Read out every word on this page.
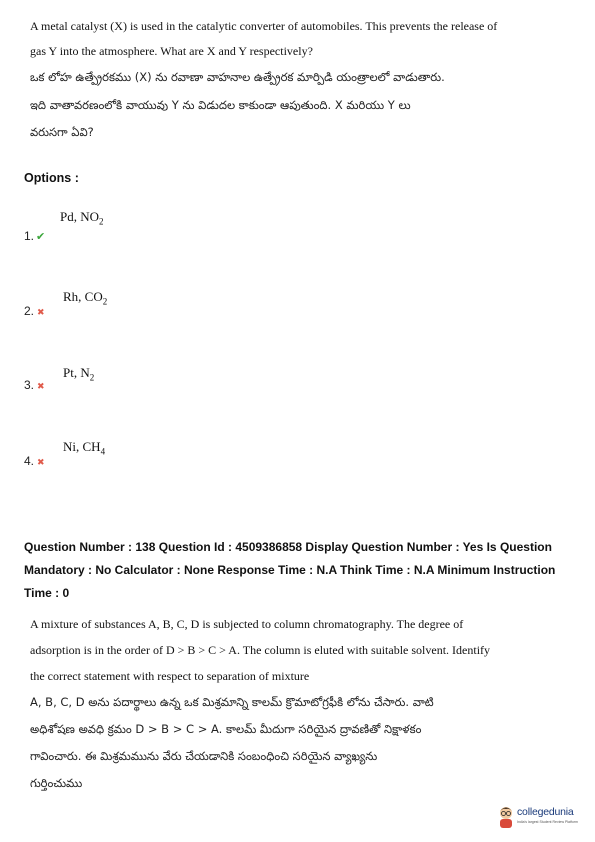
A metal catalyst (X) is used in the catalytic converter of automobiles. This prevents the release of
gas Y into the atmosphere. What are X and Y respectively?
ఒక లోహ ఉత్ప్రేరకము (X) ను రవాణా వాహనాల ఉత్ప్రేరక మార్పిడి యంత్రాలలో వాడుతారు.
ఇది వాతావరణంలోకి వాయువు Y ను విడుదల కాకుండా ఆపుతుంది. X మరియు Y లు
వరుసగా ఏవి?
Options :
Pd, $NO_2$
1. ✔
Rh, $CO_2$
2. ✖
Pt, $N_2$
3. ✖
Ni, $CH_4$
4. ✖
Question Number : 138 Question Id : 4509386858 Display Question Number : Yes Is Question
Mandatory : No Calculator : None Response Time : N.A Think Time : N.A Minimum Instruction
Time : 0
A mixture of substances A, B, C, D is subjected to column chromatography. The degree of
adsorption is in the order of D > B > C > A. The column is eluted with suitable solvent. Identify
the correct statement with respect to separation of mixture
A, B, C, D అను పదార్థాలు ఉన్న ఒక మిశ్రమాన్ని కాలమ్ క్రొమాటోగ్రఫీకి లోను చేసారు. వాటి
అధిశోషణ అవధి క్రమం D > B > C > A. కాలమ్ మీదుగా సరియైన ద్రావణితో నిక్షాళకం
గావించారు. ఈ మిశ్రమమును వేరు చేయడానికి సంబంధించి సరియైన వ్యాఖ్యను
గుర్తించుము
collegedunia
India's largest Student Review Platform
